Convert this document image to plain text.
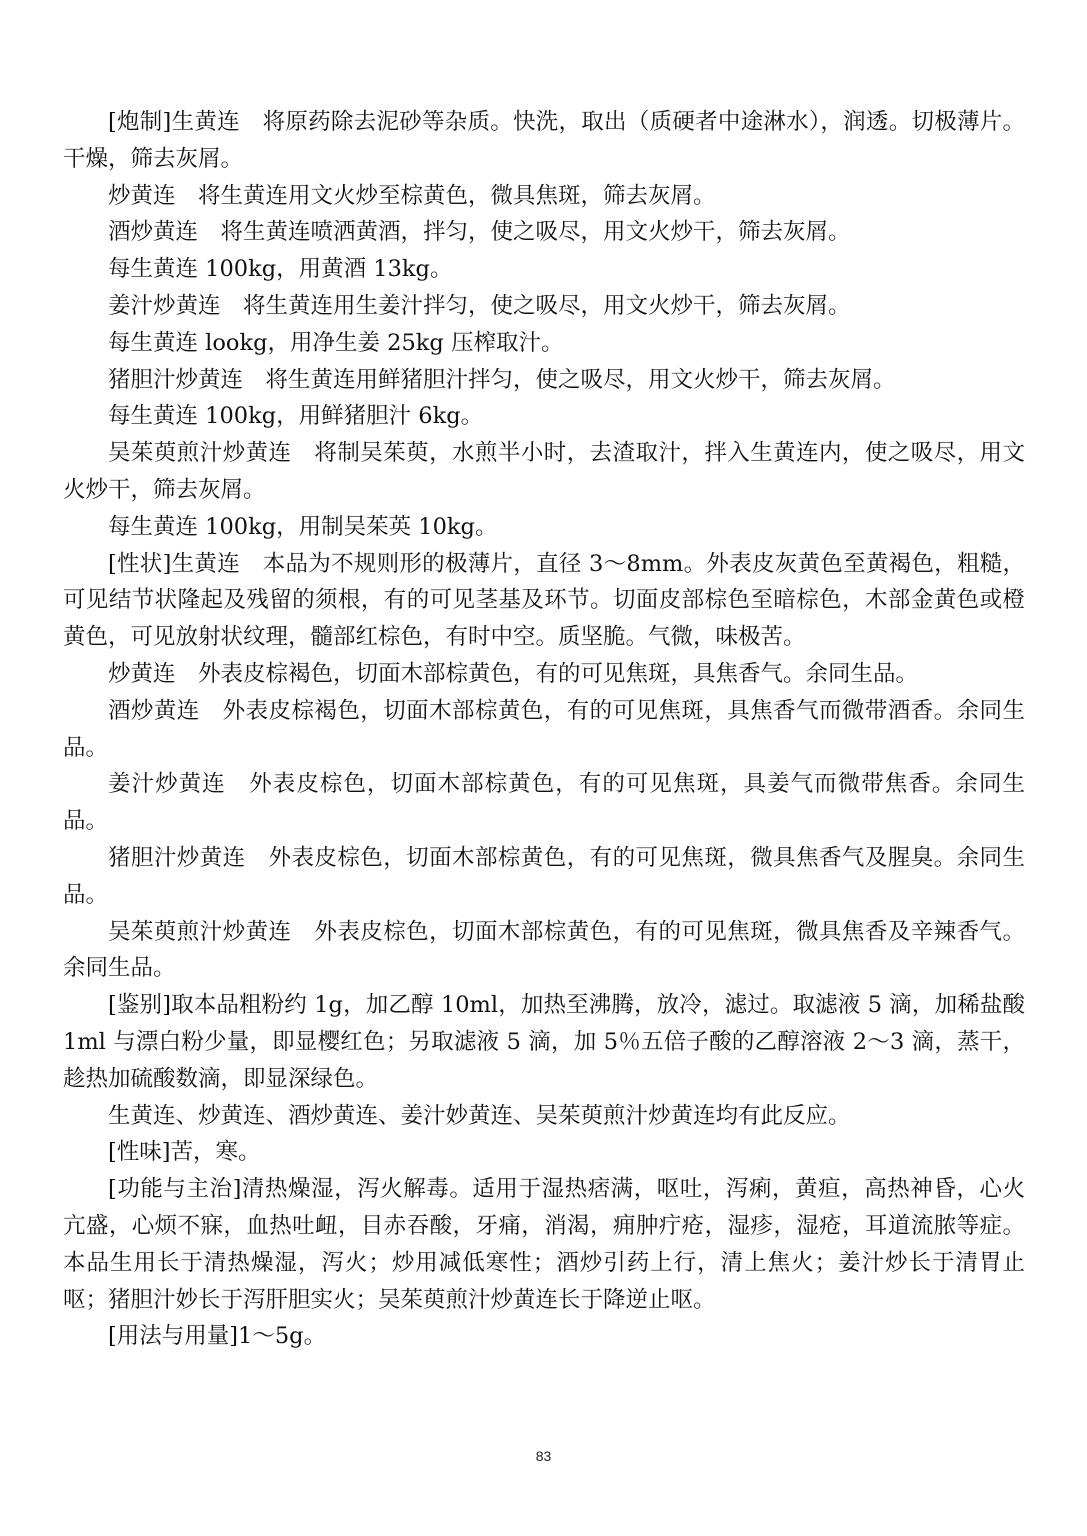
[炮制]生黄连　将原药除去泥砂等杂质。快洗，取出（质硬者中途淋水），润透。切极薄片。干燥，筛去灰屑。

炒黄连　将生黄连用文火炒至棕黄色，微具焦斑，筛去灰屑。

酒炒黄连　将生黄连喷洒黄酒，拌匀，使之吸尽，用文火炒干，筛去灰屑。

每生黄连 100kg，用黄酒 13kg。

姜汁炒黄连　将生黄连用生姜汁拌匀，使之吸尽，用文火炒干，筛去灰屑。

每生黄连 lookg，用净生姜 25kg 压榨取汁。

猪胆汁炒黄连　将生黄连用鲜猪胆汁拌匀，使之吸尽，用文火炒干，筛去灰屑。

每生黄连 100kg，用鲜猪胆汁 6kg。

吴茱萸煎汁炒黄连　将制吴茱萸，水煎半小时，去渣取汁，拌入生黄连内，使之吸尽，用文火炒干，筛去灰屑。

每生黄连 100kg，用制吴茱英 10kg。

[性状]生黄连　本品为不规则形的极薄片，直径 3～8mm。外表皮灰黄色至黄褐色，粗糙，可见结节状隆起及残留的须根，有的可见茎基及环节。切面皮部棕色至暗棕色，木部金黄色或橙黄色，可见放射状纹理，髓部红棕色，有时中空。质坚脆。气微，味极苦。

炒黄连　外表皮棕褐色，切面木部棕黄色，有的可见焦斑，具焦香气。余同生品。

酒炒黄连　外表皮棕褐色，切面木部棕黄色，有的可见焦斑，具焦香气而微带酒香。余同生品。

姜汁炒黄连　外表皮棕色，切面木部棕黄色，有的可见焦斑，具姜气而微带焦香。余同生品。

猪胆汁炒黄连　外表皮棕色，切面木部棕黄色，有的可见焦斑，微具焦香气及腥臭。余同生品。

吴茱萸煎汁炒黄连　外表皮棕色，切面木部棕黄色，有的可见焦斑，微具焦香及辛辣香气。余同生品。

[鉴别]取本品粗粉约 1g，加乙醇 10ml，加热至沸腾，放冷，滤过。取滤液 5 滴，加稀盐酸 1ml 与漂白粉少量，即显樱红色；另取滤液 5 滴，加 5％五倍子酸的乙醇溶液 2～3 滴，蒸干，趁热加硫酸数滴，即显深绿色。

生黄连、炒黄连、酒炒黄连、姜汁妙黄连、吴茱萸煎汁炒黄连均有此反应。

[性味]苦，寒。

[功能与主治]清热燥湿，泻火解毒。适用于湿热痞满，呕吐，泻痢，黄疸，高热神昏，心火亢盛，心烦不寐，血热吐衄，目赤吞酸，牙痛，消渴，痈肿疔疮，湿疹，湿疮，耳道流脓等症。本品生用长于清热燥湿，泻火；炒用减低寒性；酒炒引药上行，清上焦火；姜汁炒长于清胃止呕；猪胆汁妙长于泻肝胆实火；吴茱萸煎汁炒黄连长于降逆止呕。

[用法与用量]1～5g。

83
